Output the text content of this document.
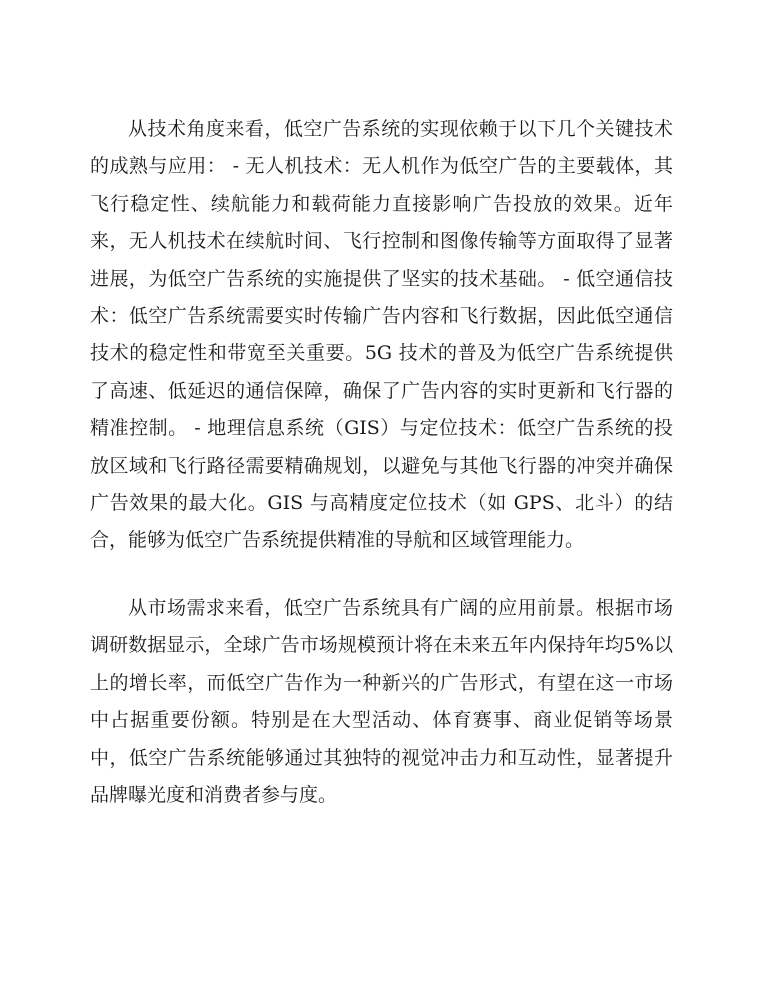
从技术角度来看，低空广告系统的实现依赖于以下几个关键技术的成熟与应用： - 无人机技术：无人机作为低空广告的主要载体，其飞行稳定性、续航能力和载荷能力直接影响广告投放的效果。近年来，无人机技术在续航时间、飞行控制和图像传输等方面取得了显著进展，为低空广告系统的实施提供了坚实的技术基础。 - 低空通信技术：低空广告系统需要实时传输广告内容和飞行数据，因此低空通信技术的稳定性和带宽至关重要。5G 技术的普及为低空广告系统提供了高速、低延迟的通信保障，确保了广告内容的实时更新和飞行器的精准控制。 - 地理信息系统（GIS）与定位技术：低空广告系统的投放区域和飞行路径需要精确规划，以避免与其他飞行器的冲突并确保广告效果的最大化。GIS 与高精度定位技术（如 GPS、北斗）的结合，能够为低空广告系统提供精准的导航和区域管理能力。

从市场需求来看，低空广告系统具有广阔的应用前景。根据市场调研数据显示，全球广告市场规模预计将在未来五年内保持年均5%以上的增长率，而低空广告作为一种新兴的广告形式，有望在这一市场中占据重要份额。特别是在大型活动、体育赛事、商业促销等场景中，低空广告系统能够通过其独特的视觉冲击力和互动性，显著提升品牌曝光度和消费者参与度。
